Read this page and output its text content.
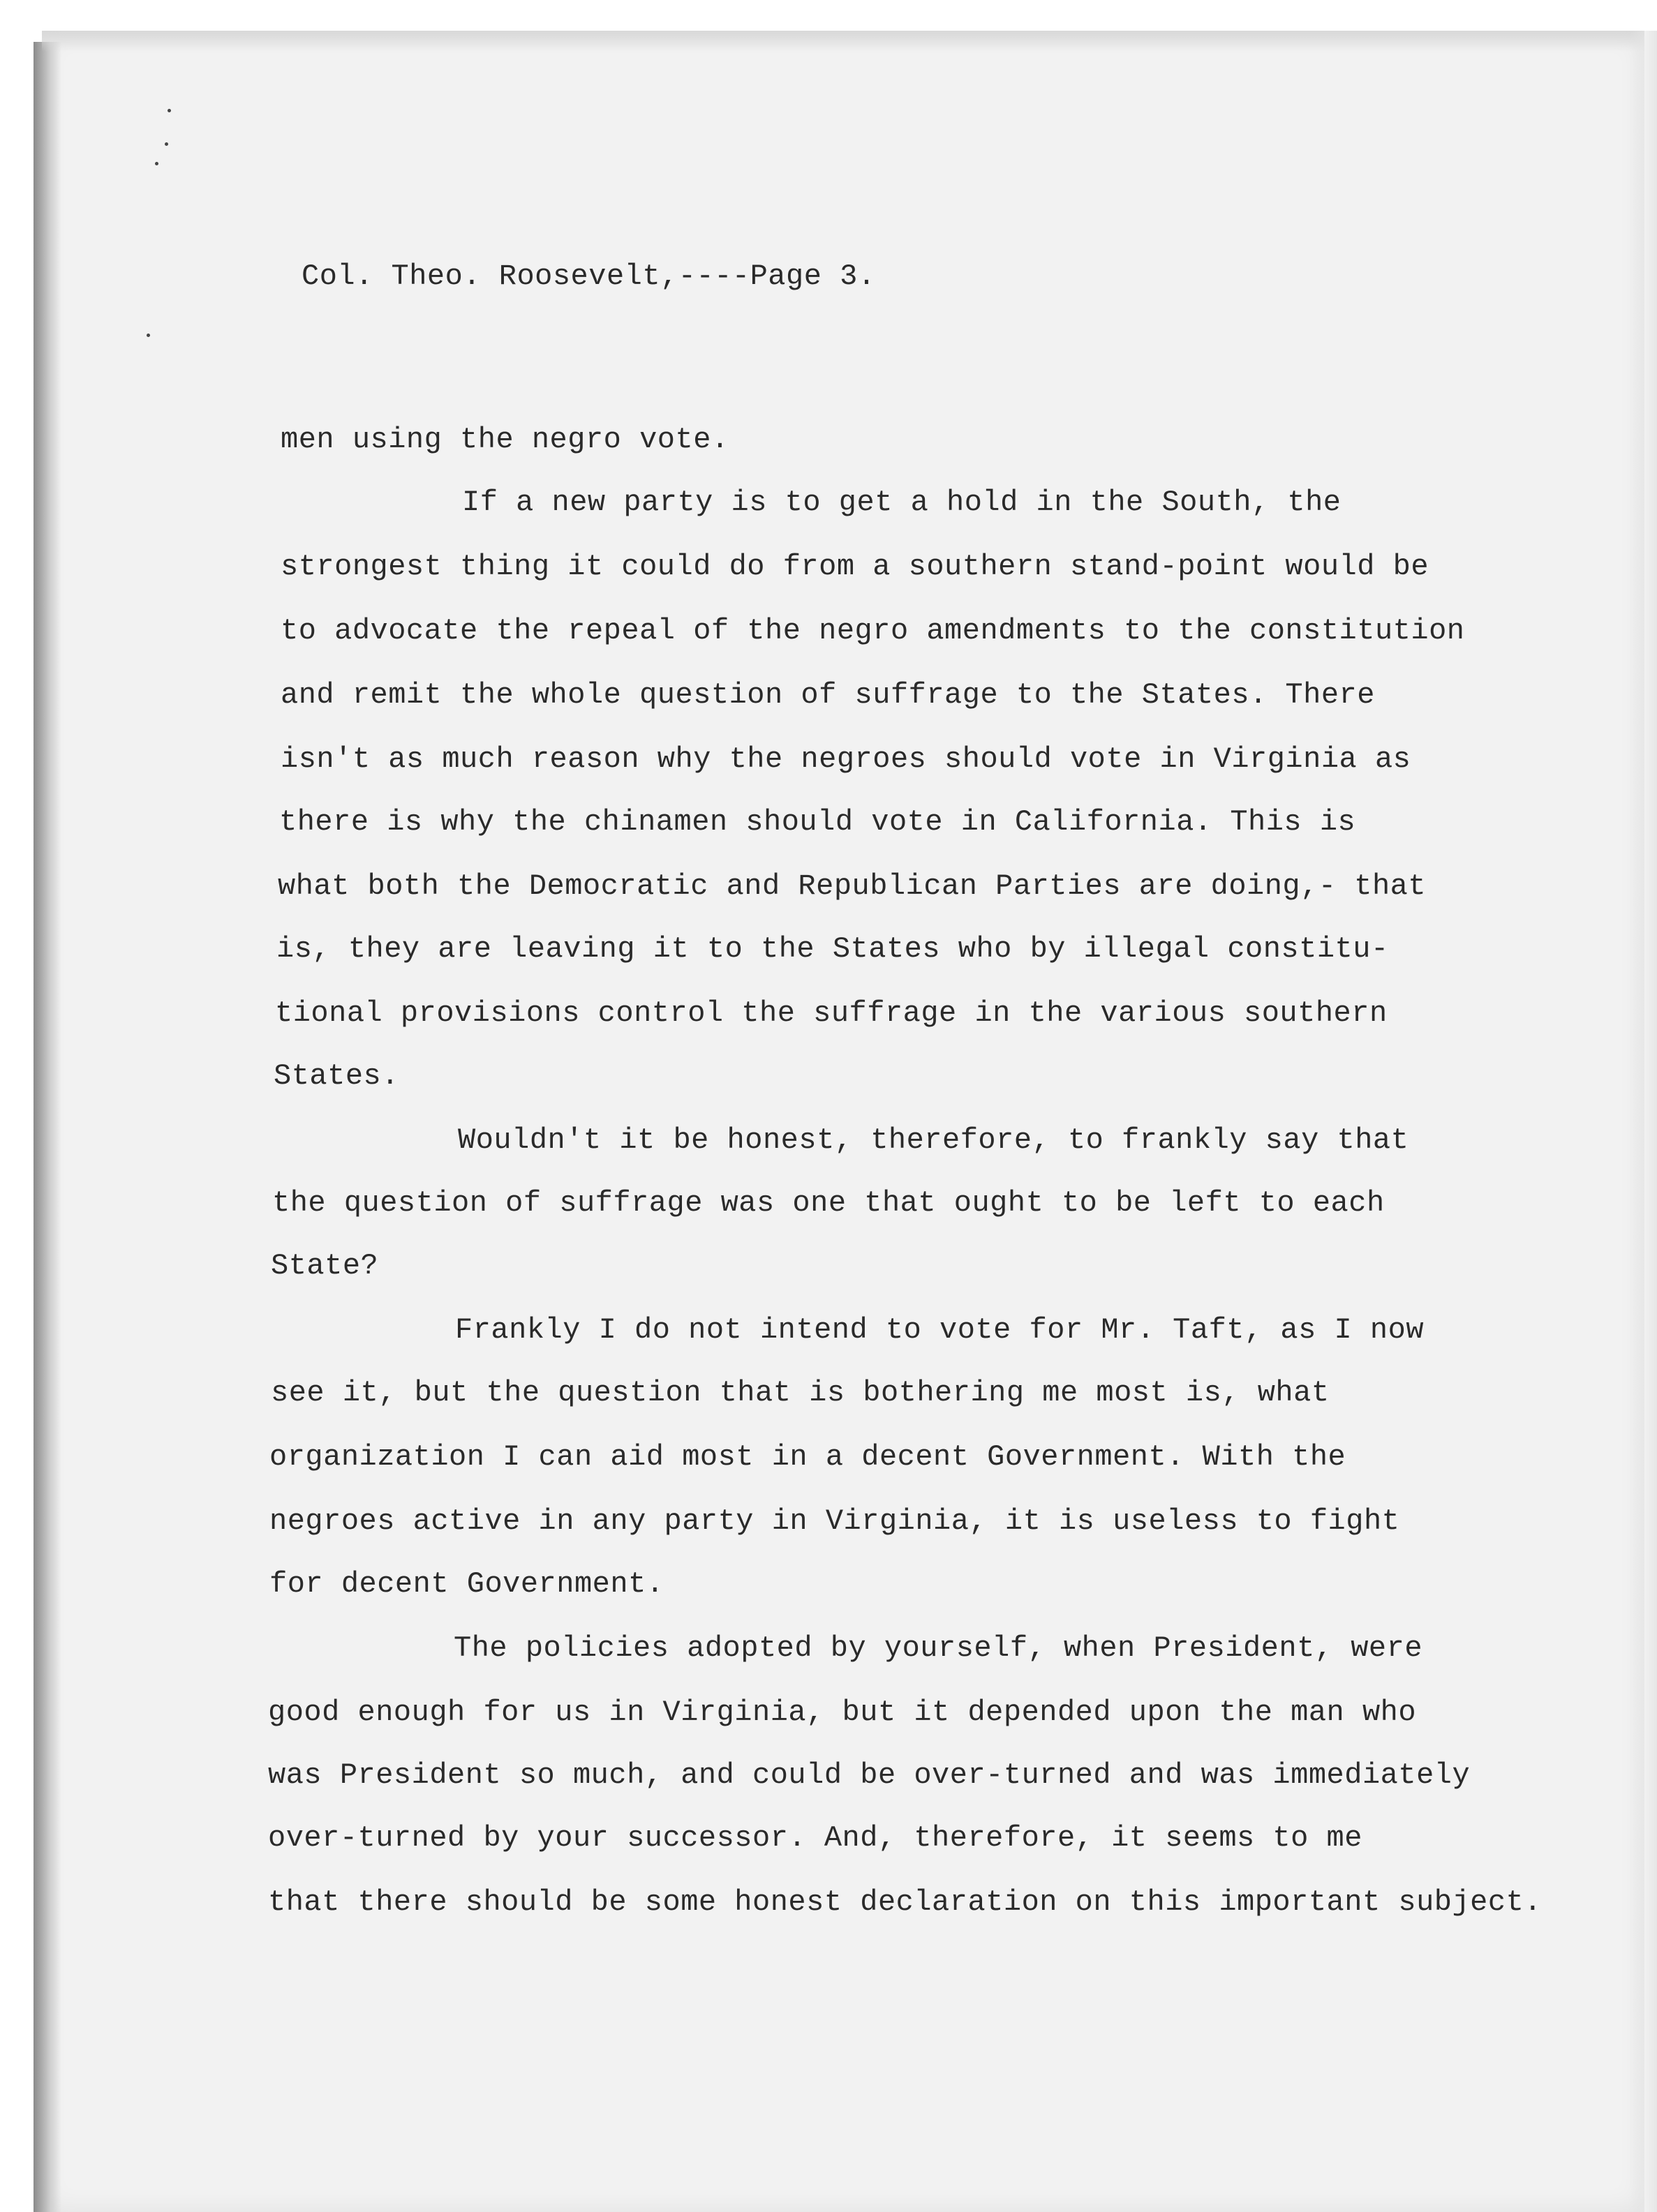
Col. Theo. Roosevelt,----Page 3.

men using the negro vote.

If a new party is to get a hold in the South, the

strongest thing it could do from a southern stand-point would be

to advocate the repeal of the negro amendments to the constitution

and remit the whole question of suffrage to the States. There

isn't as much reason why the negroes should vote in Virginia as

there is why the chinamen should vote in California. This is

what both the Democratic and Republican Parties are doing,- that

is, they are leaving it to the States who by illegal constitu-

tional provisions control the suffrage in the various southern

States.

Wouldn't it be honest, therefore, to frankly say that

the question of suffrage was one that ought to be left to each

State?

Frankly I do not intend to vote for Mr. Taft, as I now

see it, but the question that is bothering me most is, what

organization I can aid most in a decent Government. With the

negroes active in any party in Virginia, it is useless to fight

for decent Government.

The policies adopted by yourself, when President, were

good enough for us in Virginia, but it depended upon the man who

was President so much, and could be over-turned and was immediately

over-turned by your successor. And, therefore, it seems to me

that there should be some honest declaration on this important subject.
